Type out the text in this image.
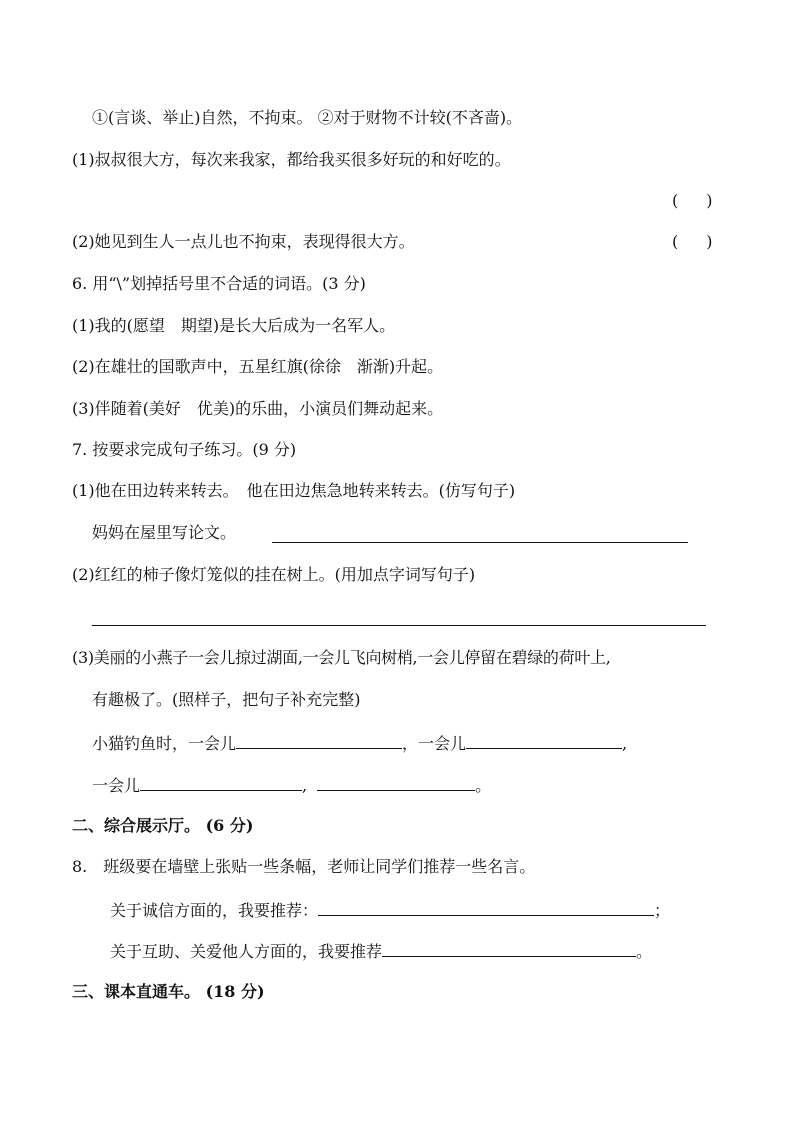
①(言谈、举止)自然，不拘束。 ②对于财物不计较(不吝啬)。
(1)叔叔很大方，每次来我家，都给我买很多好玩的和好吃的。
( )
(2)她见到生人一点儿也不拘束，表现得很大方。	( )
6. 用“\”划掉括号里不合适的词语。(3 分)
(1)我的(愿望　期望)是长大后成为一名军人。
(2)在雄壮的国歌声中，五星红旗(徐徐　渐渐)升起。
(3)伴随着(美好　优美)的乐曲，小演员们舞动起来。
7. 按要求完成句子练习。(9 分)
(1)他在田边转来转去。　他在田边焦急地转来转去。(仿写句子)
妈妈在屋里写论文。
(2)红红的柿子像灯笼似的挂在树上。(用加点字词写句子)
(3)美丽的小燕子一会儿掠过湖面,一会儿飞向树梢,一会儿停留在碧绿的荷叶上,
有趣极了。(照样子，把句子补充完整)
小猫钓鱼时，一会儿	，一会儿	,
一会儿	,	。
二、综合展示厅。 (6 分)
8.　班级要在墙壁上张贴一些条幅，老师让同学们推荐一些名言。
关于诚信方面的，我要推荐：	；
关于互助、关爱他人方面的，我要推荐	。
三、课本直通车。 (18 分)
